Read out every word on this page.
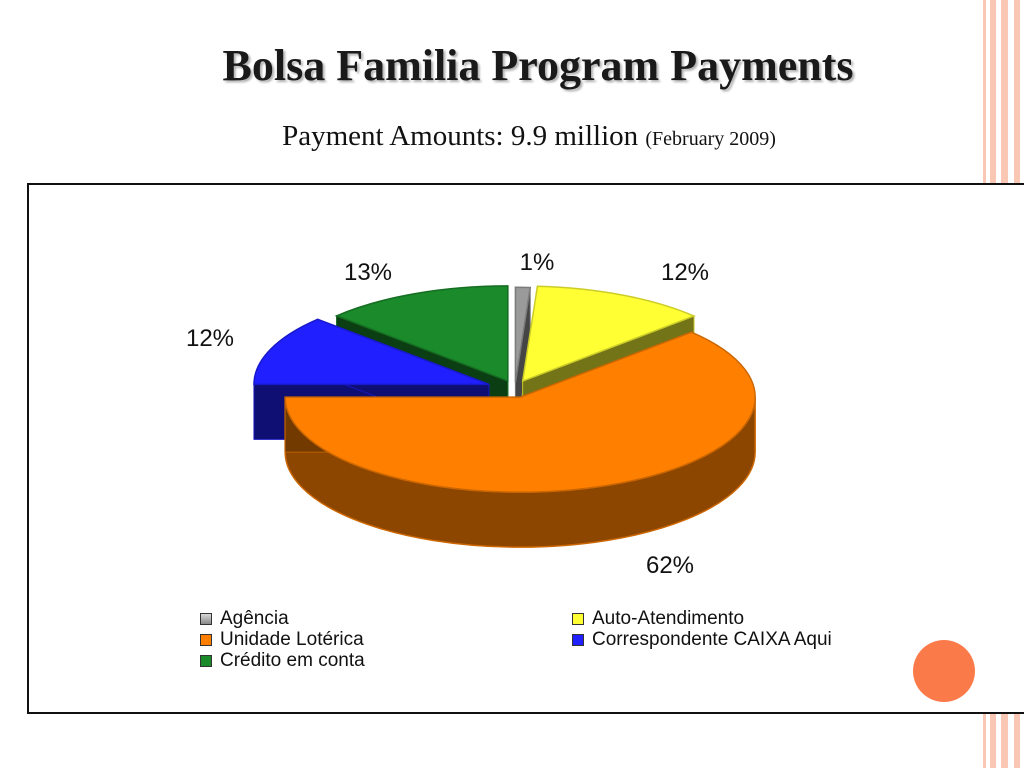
Bolsa Familia Program Payments
Payment Amounts: 9.9 million (February 2009)
1%	12%
62%
12%
13%
Agência
Unidade Lotérica
Crédito em conta
Auto-Atendimento
Correspondente CAIXA Aqui
